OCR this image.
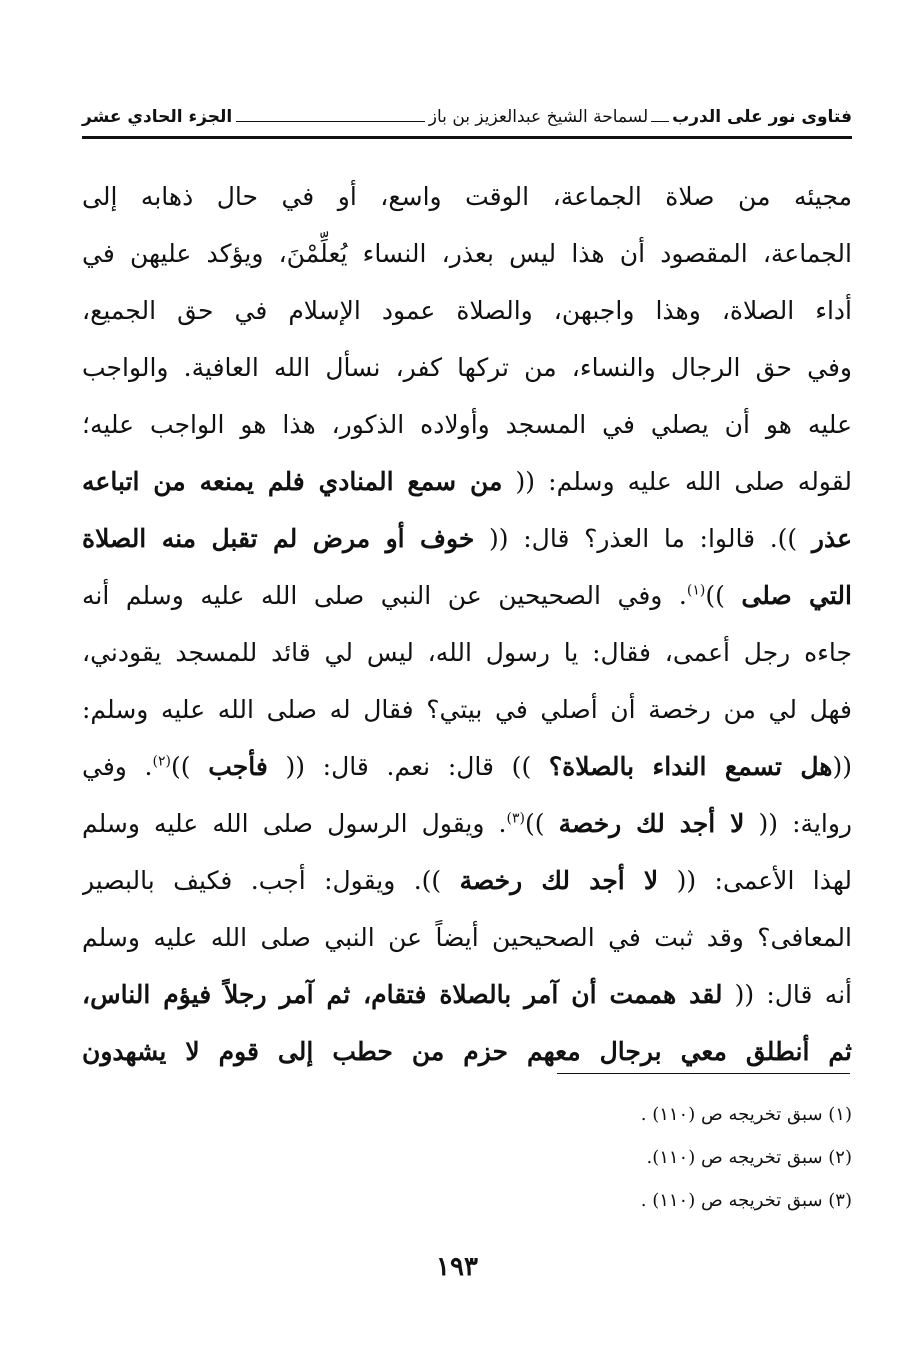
فتاوى نور على الدرب
لسماحة الشيخ عبدالعزيز بن باز
الجزء الحادي عشر
مجيئه من صلاة الجماعة، الوقت واسع، أو في حال ذهابه إلى
الجماعة، المقصود أن هذا ليس بعذر، النساء يُعلِّمْنَ، ويؤكد عليهن في
أداء الصلاة، وهذا واجبهن، والصلاة عمود الإسلام في حق الجميع،
وفي حق الرجال والنساء، من تركها كفر، نسأل الله العافية. والواجب
عليه هو أن يصلي في المسجد وأولاده الذكور، هذا هو الواجب عليه؛
لقوله صلى الله عليه وسلم: (( من سمع المنادي فلم يمنعه من اتباعه
عذر )). قالوا: ما العذر؟ قال: (( خوف أو مرض لم تقبل منه الصلاة
التي صلى ))$^{(١)}$. وفي الصحيحين عن النبي صلى الله عليه وسلم أنه
جاءه رجل أعمى، فقال: يا رسول الله، ليس لي قائد للمسجد يقودني،
فهل لي من رخصة أن أصلي في بيتي؟ فقال له صلى الله عليه وسلم:
((هل تسمع النداء بالصلاة؟ )) قال: نعم. قال: (( فأجب ))$^{(٢)}$. وفي
رواية: (( لا أجد لك رخصة ))$^{(٣)}$. ويقول الرسول صلى الله عليه وسلم
لهذا الأعمى: (( لا أجد لك رخصة )). ويقول: أجب. فكيف بالبصير
المعافى؟ وقد ثبت في الصحيحين أيضاً عن النبي صلى الله عليه وسلم
أنه قال: (( لقد هممت أن آمر بالصلاة فتقام، ثم آمر رجلاً فيؤم الناس،
ثم أنطلق معي برجال معهم حزم من حطب إلى قوم لا يشهدون
(١) سبق تخريجه ص (١١٠) .
(٢) سبق تخريجه ص (١١٠).
(٣) سبق تخريجه ص (١١٠) .
١٩٣
